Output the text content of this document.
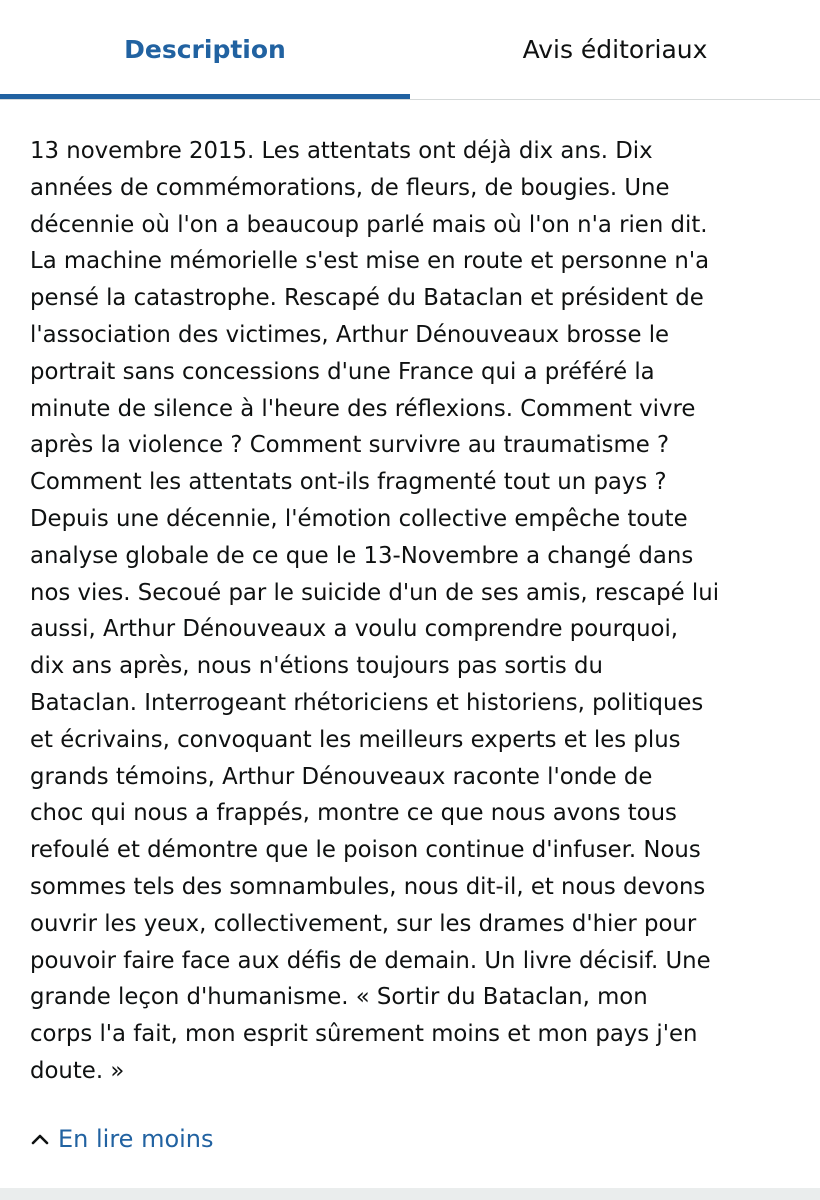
Description	Avis éditoriaux

13 novembre 2015. Les attentats ont déjà dix ans. Dix
années de commémorations, de fleurs, de bougies. Une
décennie où l'on a beaucoup parlé mais où l'on n'a rien dit.
La machine mémorielle s'est mise en route et personne n'a
pensé la catastrophe. Rescapé du Bataclan et président de
l'association des victimes, Arthur Dénouveaux brosse le
portrait sans concessions d'une France qui a préféré la
minute de silence à l'heure des réflexions. Comment vivre
après la violence ? Comment survivre au traumatisme ?
Comment les attentats ont-ils fragmenté tout un pays ?
Depuis une décennie, l'émotion collective empêche toute
analyse globale de ce que le 13-Novembre a changé dans
nos vies. Secoué par le suicide d'un de ses amis, rescapé lui
aussi, Arthur Dénouveaux a voulu comprendre pourquoi,
dix ans après, nous n'étions toujours pas sortis du
Bataclan. Interrogeant rhétoriciens et historiens, politiques
et écrivains, convoquant les meilleurs experts et les plus
grands témoins, Arthur Dénouveaux raconte l'onde de
choc qui nous a frappés, montre ce que nous avons tous
refoulé et démontre que le poison continue d'infuser. Nous
sommes tels des somnambules, nous dit-il, et nous devons
ouvrir les yeux, collectivement, sur les drames d'hier pour
pouvoir faire face aux défis de demain. Un livre décisif. Une
grande leçon d'humanisme. « Sortir du Bataclan, mon
corps l'a fait, mon esprit sûrement moins et mon pays j'en
doute. »

En lire moins
